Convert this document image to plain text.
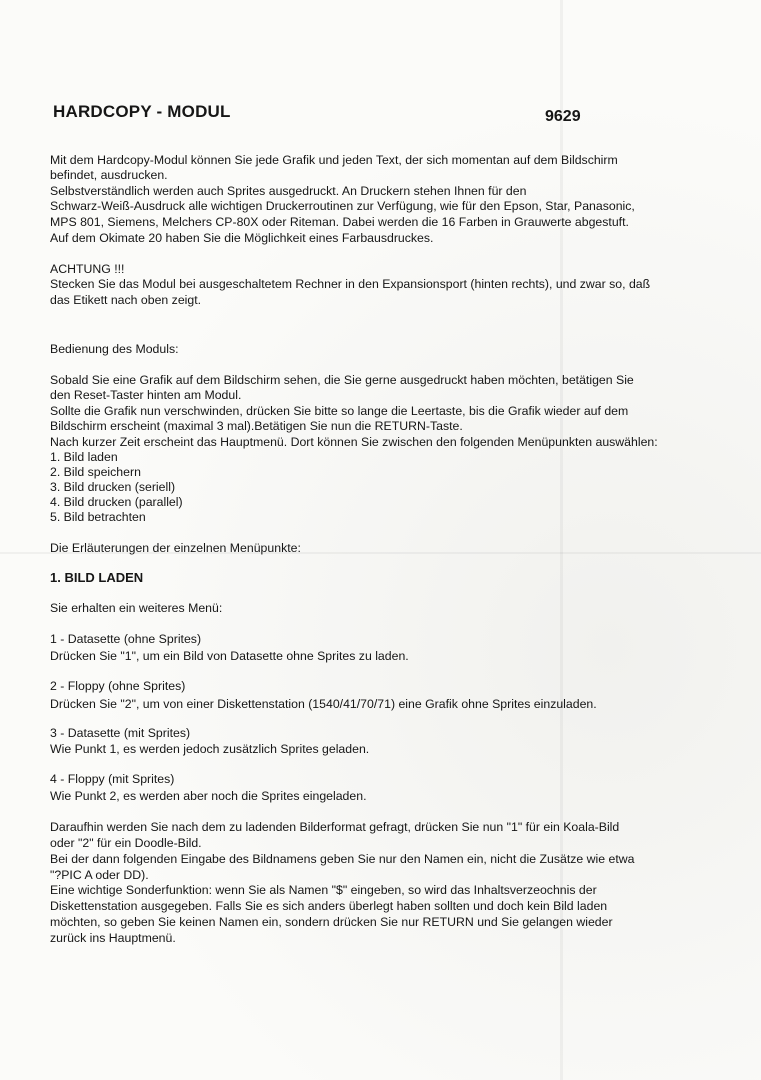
HARDCOPY - MODUL	9629
Mit dem Hardcopy-Modul können Sie jede Grafik und jeden Text, der sich momentan auf dem Bildschirm
befindet, ausdrucken.
Selbstverständlich werden auch Sprites ausgedruckt. An Druckern stehen Ihnen für den
Schwarz-Weiß-Ausdruck alle wichtigen Druckerroutinen zur Verfügung, wie für den Epson, Star, Panasonic,
MPS 801, Siemens, Melchers CP-80X oder Riteman. Dabei werden die 16 Farben in Grauwerte abgestuft.
Auf dem Okimate 20 haben Sie die Möglichkeit eines Farbausdruckes.
ACHTUNG !!!
Stecken Sie das Modul bei ausgeschaltetem Rechner in den Expansionsport (hinten rechts), und zwar so, daß
das Etikett nach oben zeigt.
Bedienung des Moduls:
Sobald Sie eine Grafik auf dem Bildschirm sehen, die Sie gerne ausgedruckt haben möchten, betätigen Sie
den Reset-Taster hinten am Modul.
Sollte die Grafik nun verschwinden, drücken Sie bitte so lange die Leertaste, bis die Grafik wieder auf dem
Bildschirm erscheint (maximal 3 mal).Betätigen Sie nun die RETURN-Taste.
Nach kurzer Zeit erscheint das Hauptmenü. Dort können Sie zwischen den folgenden Menüpunkten auswählen:
1. Bild laden
2. Bild speichern
3. Bild drucken (seriell)
4. Bild drucken (parallel)
5. Bild betrachten
Die Erläuterungen der einzelnen Menüpunkte:
1. BILD LADEN
Sie erhalten ein weiteres Menü:
1 - Datasette (ohne Sprites)
Drücken Sie "1", um ein Bild von Datasette ohne Sprites zu laden.
2 - Floppy (ohne Sprites)
Drücken Sie "2", um von einer Diskettenstation (1540/41/70/71) eine Grafik ohne Sprites einzuladen.
3 - Datasette (mit Sprites)
Wie Punkt 1, es werden jedoch zusätzlich Sprites geladen.
4 - Floppy (mit Sprites)
Wie Punkt 2, es werden aber noch die Sprites eingeladen.
Daraufhin werden Sie nach dem zu ladenden Bilderformat gefragt, drücken Sie nun "1" für ein Koala-Bild
oder "2" für ein Doodle-Bild.
Bei der dann folgenden Eingabe des Bildnamens geben Sie nur den Namen ein, nicht die Zusätze wie etwa
"?PIC A oder DD).
Eine wichtige Sonderfunktion: wenn Sie als Namen "$" eingeben, so wird das Inhaltsverzeochnis der
Diskettenstation ausgegeben. Falls Sie es sich anders überlegt haben sollten und doch kein Bild laden
möchten, so geben Sie keinen Namen ein, sondern drücken Sie nur RETURN und Sie gelangen wieder
zurück ins Hauptmenü.
